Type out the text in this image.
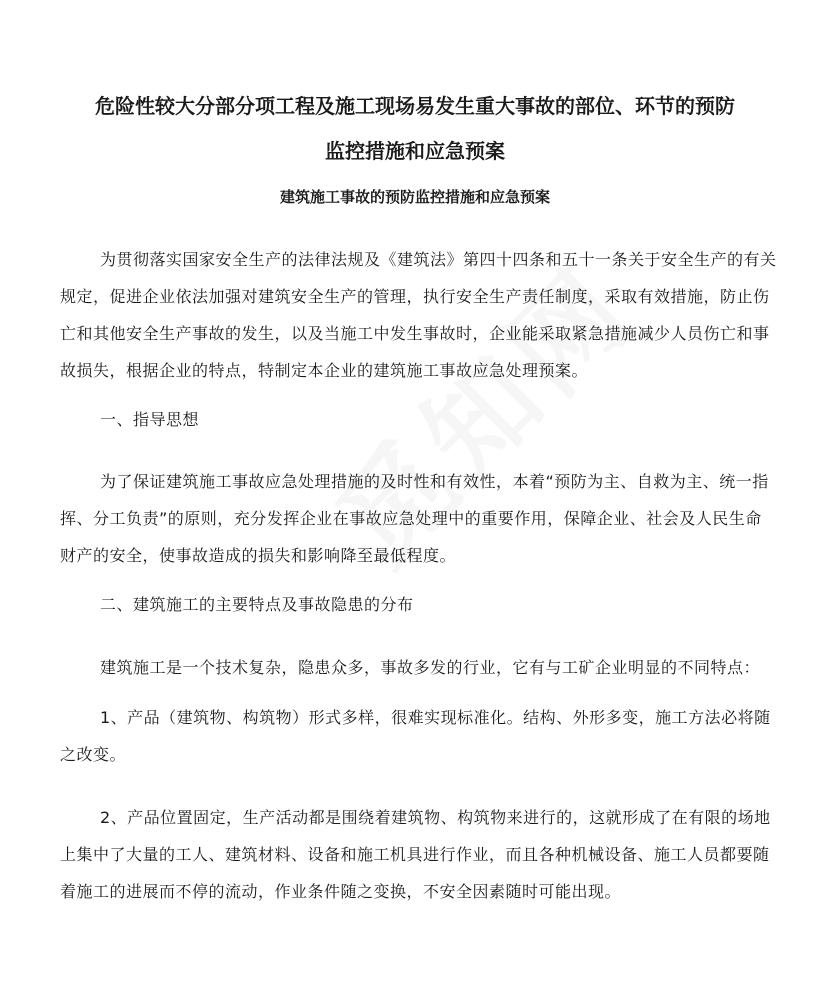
危险性较大分部分项工程及施工现场易发生重大事故的部位、环节的预防
监控措施和应急预案
建筑施工事故的预防监控措施和应急预案
为贯彻落实国家安全生产的法律法规及《建筑法》第四十四条和五十一条关于安全生产的有关
规定，促进企业依法加强对建筑安全生产的管理，执行安全生产责任制度，采取有效措施，防止伤
亡和其他安全生产事故的发生，以及当施工中发生事故时，企业能采取紧急措施减少人员伤亡和事
故损失，根据企业的特点，特制定本企业的建筑施工事故应急处理预案。
一、指导思想
为了保证建筑施工事故应急处理措施的及时性和有效性，本着“预防为主、自救为主、统一指
挥、分工负责”的原则，充分发挥企业在事故应急处理中的重要作用，保障企业、社会及人民生命
财产的安全，使事故造成的损失和影响降至最低程度。
二、建筑施工的主要特点及事故隐患的分布
建筑施工是一个技术复杂，隐患众多，事故多发的行业，它有与工矿企业明显的不同特点：
1、产品（建筑物、构筑物）形式多样，很难实现标准化。结构、外形多变，施工方法必将随
之改变。
2、产品位置固定，生产活动都是围绕着建筑物、构筑物来进行的，这就形成了在有限的场地
上集中了大量的工人、建筑材料、设备和施工机具进行作业，而且各种机械设备、施工人员都要随
着施工的进展而不停的流动，作业条件随之变换，不安全因素随时可能出现。
